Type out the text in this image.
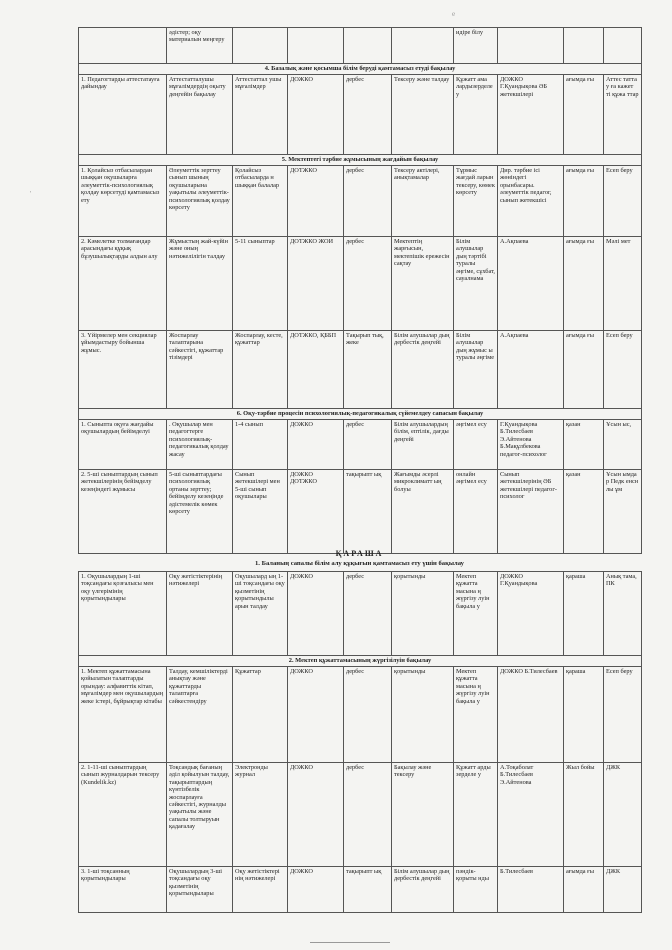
e
'
	әдістер; оқу материалын меңгеру					идіре білу			
4. Базалық және қосымша білім беруді қамтамасыз етуді бақылау									
1. Педагогтарды аттестатауға дайындау	Аттестатталушы мұғалімдердің оқыту деңгейін бақылау	Аттестаттал ушы мұғалімдер	ДОЖКО	дербес	Тексеру және талдау	Құжатт ама лардызерделе у	ДОЖКО Г.Қуандықова ӘБ жетекшілері	ағымда ғы	Аттес татта у ға кажет ті құжа ттар
5. Мектептегі тәрбие жұмысының жағдайын бақылау									
1. Қолайсыз отбасылардан шыққан оқушыларға әлеуметтік-психологиялық қолдау көрсетуді қамтамасыз ету	Әлеуметтік зерттеу сынып шының оқушыларына уақытылы әлеуметтік-психологиялық қолдау көрсету	Қолайсыз отбасыларда н шыққан балалар	ДОТЖКО	дербес	Тексеру актілері, анықтамалар	Тұрмыс жағдай ларын тексеру, көмек көрсету	Дир. тәрбие ісі жөніндегі орынбасары. әлеуметтік педагог, сынып жетекшісі	ағымда ғы	Есеп беру
2. Кәмелетке толмағандар арасындағы құқық бұзушылықтарды алдын алу	Жұмыстың жай-күйін және оның нәтижелілігін талдау	5-11 сыныптар	ДОТЖКО ЖОИ	дербес	Мектептің жарғысын, мектепішік ережесін сақтау	Білім алушылар дың тәртібі туралы әңгіме, сұхбат, сауалнама	А.Ақпаева	ағымда ғы	Мәлі мет
3. Үйірмелер мен секциялар ұйымдастыру бойынша жұмыс.	Жоспарлау талаптарына сәйкестігі, құжаттар тізімдері	Жоспарлау, кесте, құжаттар	ДОТЖКО, ҚББП	Тақырып тық, жеке	Білім алушылар дың дербестік деңгейі	Білім алушылар дың жұмыс ы туралы әңгіме	А.Ақпаева	ағымда ғы	Есеп беру
6. Оқу-тәрбие процесін психологиялық-педагогикалық сүйемелдеу сапасын бақылау									
1. Сыныпта оқуға жағдайы оқушылардың бейімделуі	. Оқушылар мен педагогтерге психологиялық-педагогикалық қолдау жасау	1-4 сынып	ДОЖКО	дербес	Білім алушылардың білім, ептілік, дағды деңгейі	әңгімел есу	Г.Қуандықова Б.Тилесбаев Э.Айтенова Б.Мақұлбекова педагог-психолог	қазан	Ұсын ыс,
2. 5-ші сыныптардың сынып жетекшілерінің бейімделу кезеңіндегі жұмысы	5-ші сыныптардағы психологиялық ортаны зерттеу; бейімделу кезеңінде әдістемелік көмек көрсету	Сынып жетекшілері мен 5-ші сынып оқушылары	ДОЖКО ДОТЖКО	тақырыпт ық	Жағымды әсерлі микроклиматт ың болуы	онлайн әңгімел есу	Сынып жетекшілерінің ӘБ жетекшілері педагог-психолог	қазан	Ұсын ымда р Педк енсн лы ұм
ҚАРАША
1. Баланың сапалы білім алу құқығын қамтамасыз ету үшін бақылау
1. Оқушылардың 1-ші тоқсандағы қозғалысы мен оқу үлгерімінің қорытындылары	Оқу жетістіктерінің нәтижелері	Оқушылард ың 1-ші тоқсандағы оқу қызметінің қорытындылы арын талдау	ДОЖКО	дербес	қорытынды	Мектеп құжатта масына ң жүргізу луін бақыла у	ДОЖКО Г.Қуандықова	қараша	Анық тама, ПК
2. Мектеп құжаттамасының жүргізілуін бақылау									
1. Мектеп құжаттамасына қойылатын талаптарды орындау: алфавиттік кітап, мұғалімдер мен оқушылардың жеке істері, бұйрықтар кітабы	Талдау, кемшіліктерді анықтау және құжаттарды талаптарға сәйкестендіру	Құжаттар	ДОЖКО	дербес	қорытынды	Мектеп құжатта масына ң жүргізу луін бақыла у	ДОЖКО Б.Тилесбаев	қараша	Есеп беру
2. 1-11-ші сыныптардың сынып журналдарын тексеру (Kundelik.kz)	Тоқсандық бағаның әділ қойылуын талдау, тақырыптардың күнтізбелік жоспарлауға сәйкестігі, журналды уақытылы және сапалы толтыруын қадағалау	Электронды журнал	ДОЖКО	дербес	Бақылау және тексеру	Құжатт арды зерделе у	А.Тоқаболат Б.Тилесбаев Э.Айтенова	Жыл бойы	ДЖК
3. 1-ші тоқсанның қорытындылары	Оқушылардың 3-ші тоқсандағы оқу қызметінің қорытындылары	Оқу жетістіктері нің нәтижелері	ДОЖКО	тақырыпт ық	Білім алушылар дың дербестік деңгейі	пәндік-қорыты нды	Б.Тилесбаев	ағымда ғы	ДЖК
